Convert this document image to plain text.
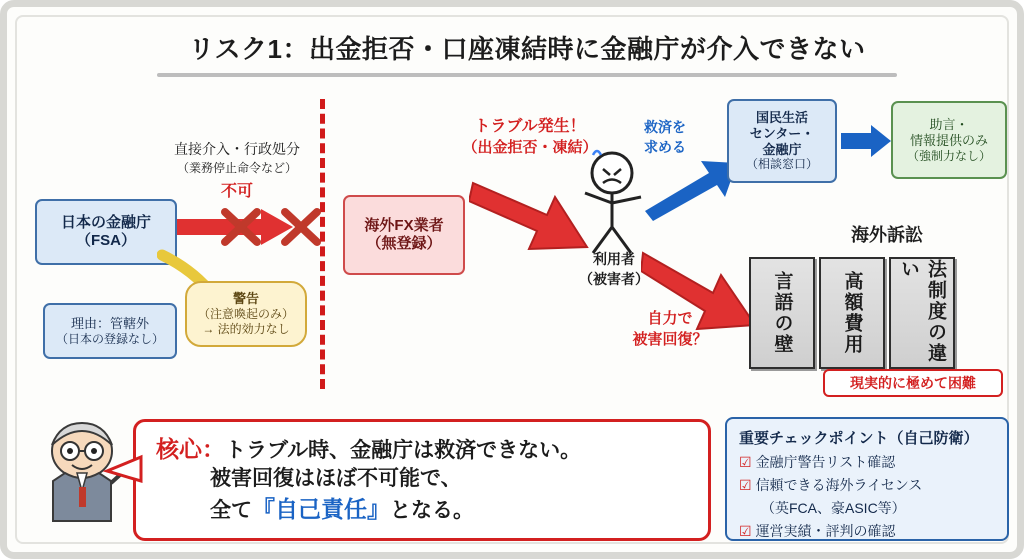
リスク1：出金拒否・口座凍結時に金融庁が介入できない
日本の金融庁
（FSA）
理由：管轄外
（日本の登録なし）
警告
（注意喚起のみ）
→ 法的効力なし
直接介入・行政処分
（業務停止命令など）
不可
海外FX業者
（無登録）
トラブル発生！
（出金拒否・凍結）
利用者
（被害者）
救済を
求める
国民生活
センター・
金融庁
（相談窓口）
助言・
情報提供のみ
（強制力なし）
自力で
被害回復？
海外訴訟
言語の壁	高額費用	法制度の違い
現実的に極めて困難
核心：トラブル時、金融庁は救済できない。
被害回復はほぼ不可能で、
全て『自己責任』となる。
重要チェックポイント（自己防衛）
☑ 金融庁警告リスト確認
☑ 信頼できる海外ライセンス
（英FCA、豪ASIC等）
☑ 運営実績・評判の確認
